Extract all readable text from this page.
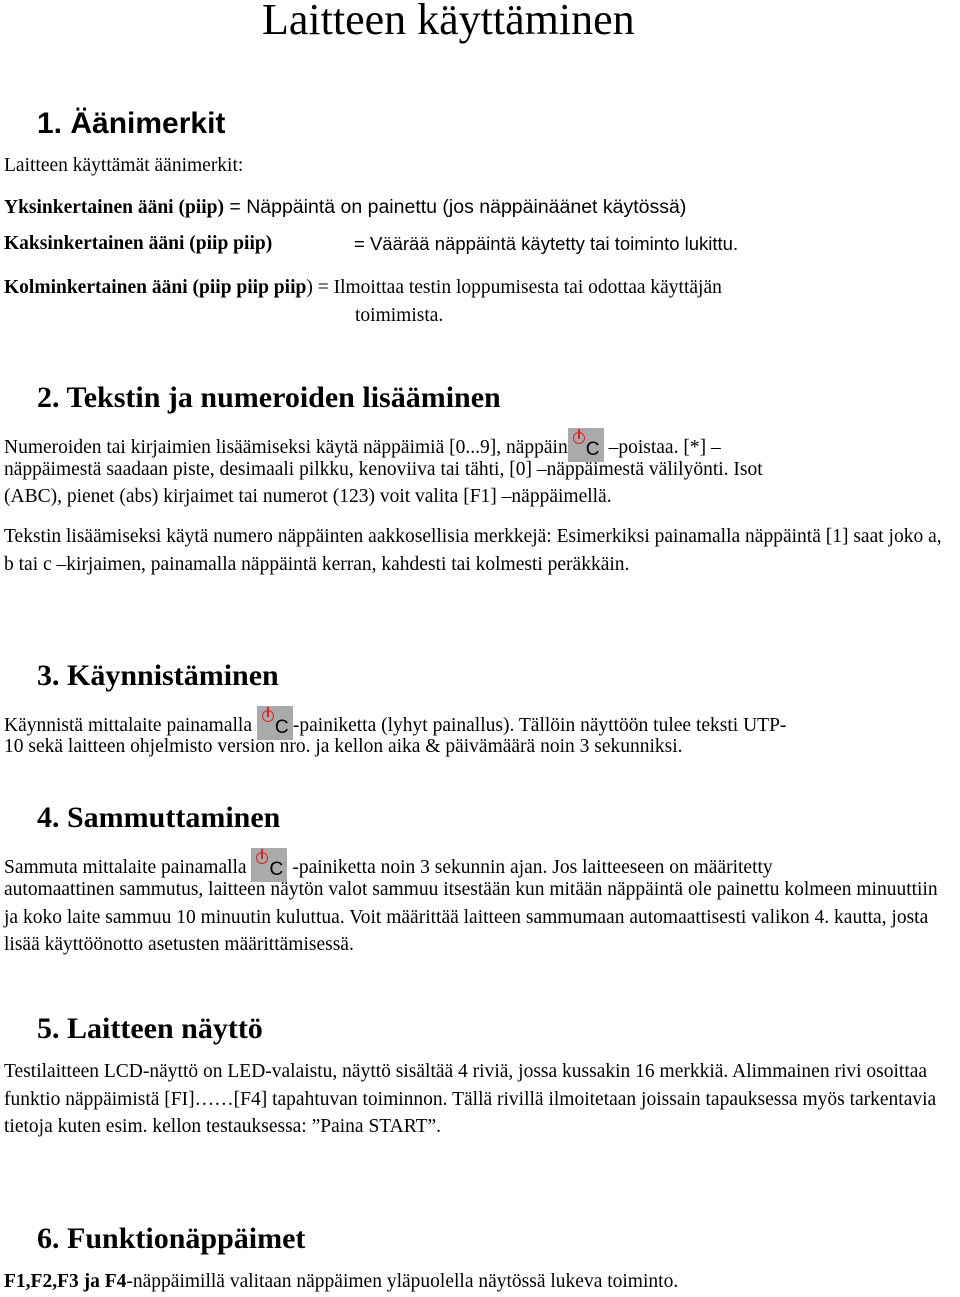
Laitteen käyttäminen
1. Äänimerkit
Laitteen käyttämät äänimerkit:
Yksinkertainen ääni (piip) = Näppäintä on painettu (jos näppäinäänet käytössä)
Kaksinkertainen ääni (piip piip)	= Väärää näppäintä käytetty tai toiminto lukittu.
Kolminkertainen ääni (piip piip piip) = Ilmoittaa testin loppumisesta tai odottaa käyttäjän
toimimista.
2. Tekstin ja numeroiden lisääminen
Numeroiden tai kirjaimien lisäämiseksi käytä näppäimiä [0...9], näppäin C –poistaa. [*] –
näppäimestä saadaan piste, desimaali pilkku, kenoviiva tai tähti, [0] –näppäimestä välilyönti. Isot
(ABC), pienet (abs) kirjaimet tai numerot (123) voit valita [F1] –näppäimellä.
Tekstin lisäämiseksi käytä numero näppäinten aakkosellisia merkkejä: Esimerkiksi painamalla näppäintä [1] saat joko a, b tai c –kirjaimen, painamalla näppäintä kerran, kahdesti tai kolmesti peräkkäin.
3. Käynnistäminen
Käynnistä mittalaite painamalla C -painiketta (lyhyt painallus). Tällöin näyttöön tulee teksti UTP-
10 sekä laitteen ohjelmisto version nro. ja kellon aika & päivämäärä noin 3 sekunniksi.
4. Sammuttaminen
Sammuta mittalaite painamalla C -painiketta noin 3 sekunnin ajan. Jos laitteeseen on määritetty
automaattinen sammutus, laitteen näytön valot sammuu itsestään kun mitään näppäintä ole painettu kolmeen minuuttiin ja koko laite sammuu 10 minuutin kuluttua. Voit määrittää laitteen sammumaan automaattisesti valikon 4. kautta, josta lisää käyttöönotto asetusten määrittämisessä.
5. Laitteen näyttö
Testilaitteen LCD-näyttö on LED-valaistu, näyttö sisältää 4 riviä, jossa kussakin 16 merkkiä. Alimmainen rivi osoittaa funktio näppäimistä [FI]……[F4] tapahtuvan toiminnon. Tällä rivillä ilmoitetaan joissain tapauksessa myös tarkentavia tietoja kuten esim. kellon testauksessa: ”Paina START”.
6. Funktionäppäimet
F1,F2,F3 ja F4-näppäimillä valitaan näppäimen yläpuolella näytössä lukeva toiminto.
